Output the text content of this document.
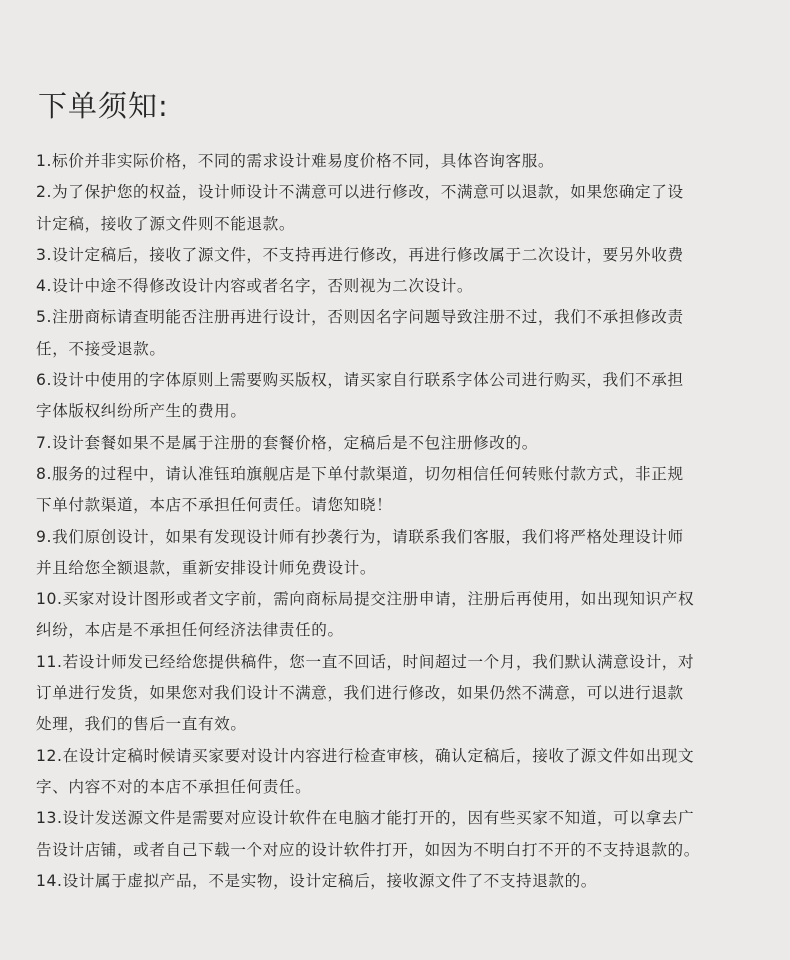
下单须知:
1.标价并非实际价格，不同的需求设计难易度价格不同，具体咨询客服。
2.为了保护您的权益，设计师设计不满意可以进行修改，不满意可以退款，如果您确定了设
计定稿，接收了源文件则不能退款。
3.设计定稿后，接收了源文件，不支持再进行修改，再进行修改属于二次设计，要另外收费
4.设计中途不得修改设计内容或者名字，否则视为二次设计。
5.注册商标请查明能否注册再进行设计，否则因名字问题导致注册不过，我们不承担修改责
任，不接受退款。
6.设计中使用的字体原则上需要购买版权，请买家自行联系字体公司进行购买，我们不承担
字体版权纠纷所产生的费用。
7.设计套餐如果不是属于注册的套餐价格，定稿后是不包注册修改的。
8.服务的过程中，请认准钰珀旗舰店是下单付款渠道，切勿相信任何转账付款方式，非正规
下单付款渠道，本店不承担任何责任。请您知晓！
9.我们原创设计，如果有发现设计师有抄袭行为，请联系我们客服，我们将严格处理设计师
并且给您全额退款，重新安排设计师免费设计。
10.买家对设计图形或者文字前，需向商标局提交注册申请，注册后再使用，如出现知识产权
纠纷，本店是不承担任何经济法律责任的。
11.若设计师发已经给您提供稿件，您一直不回话，时间超过一个月，我们默认满意设计，对
订单进行发货，如果您对我们设计不满意，我们进行修改，如果仍然不满意，可以进行退款
处理，我们的售后一直有效。
12.在设计定稿时候请买家要对设计内容进行检查审核，确认定稿后，接收了源文件如出现文
字、内容不对的本店不承担任何责任。
13.设计发送源文件是需要对应设计软件在电脑才能打开的，因有些买家不知道，可以拿去广
告设计店铺，或者自己下载一个对应的设计软件打开，如因为不明白打不开的不支持退款的。
14.设计属于虚拟产品，不是实物，设计定稿后，接收源文件了不支持退款的。
